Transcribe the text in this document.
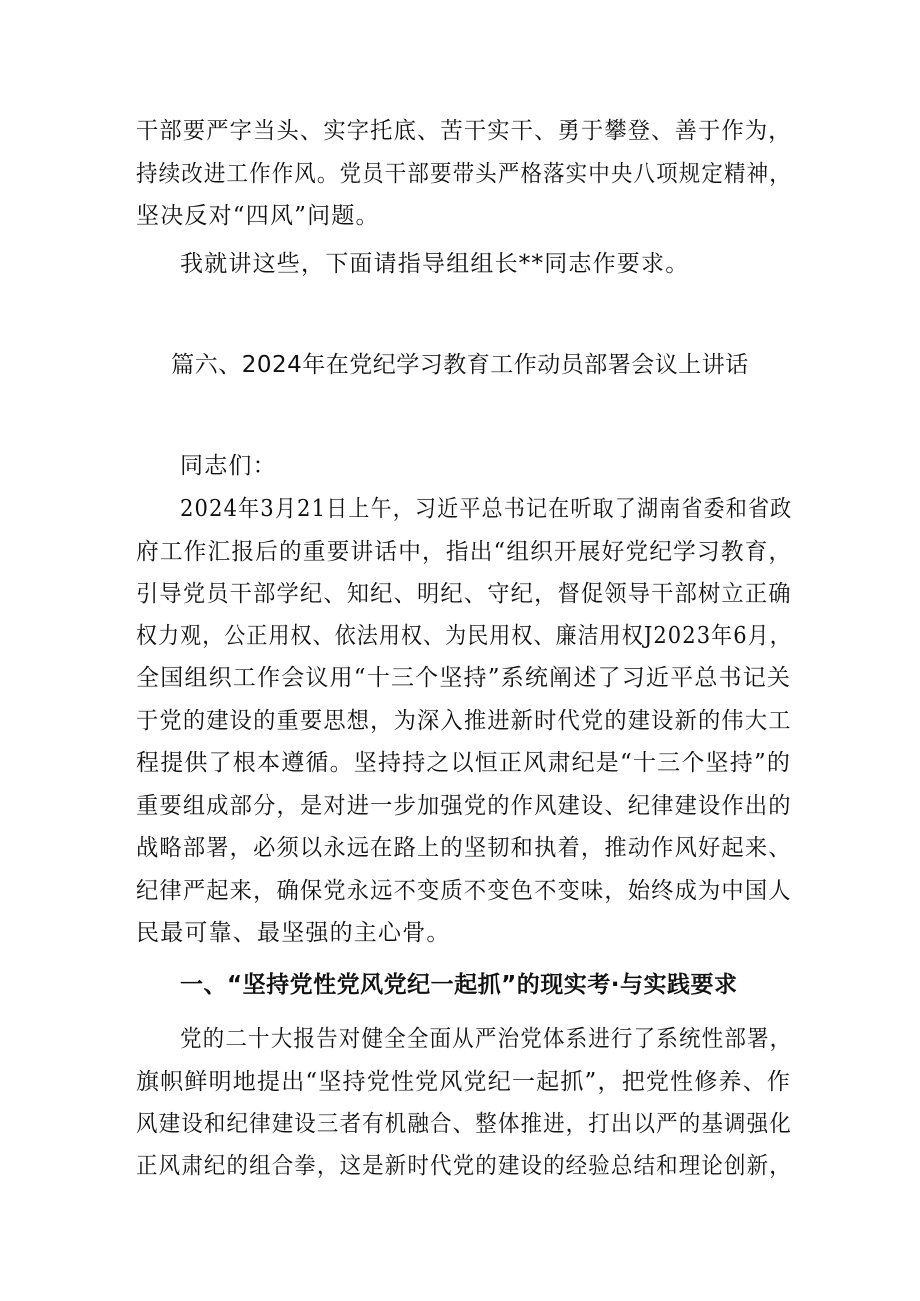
干部要严字当头、实字托底、苦干实干、勇于攀登、善于作为，
持续改进工作作风。党员干部要带头严格落实中央八项规定精神，
坚决反对“四风”问题。
我就讲这些，下面请指导组组长**同志作要求。
篇六、2024年在党纪学习教育工作动员部署会议上讲话
同志们：
2024年3月21日上午，习近平总书记在听取了湖南省委和省政
府工作汇报后的重要讲话中，指出“组织开展好党纪学习教育，
引导党员干部学纪、知纪、明纪、守纪，督促领导干部树立正确
权力观，公正用权、依法用权、为民用权、廉洁用权J2023年6月，
全国组织工作会议用“十三个坚持”系统阐述了习近平总书记关
于党的建设的重要思想，为深入推进新时代党的建设新的伟大工
程提供了根本遵循。坚持持之以恒正风肃纪是“十三个坚持”的
重要组成部分，是对进一步加强党的作风建设、纪律建设作出的
战略部署，必须以永远在路上的坚韧和执着，推动作风好起来、
纪律严起来，确保党永远不变质不变色不变味，始终成为中国人
民最可靠、最坚强的主心骨。
一、“坚持党性党风党纪一起抓”的现实考·与实践要求
党的二十大报告对健全全面从严治党体系进行了系统性部署，
旗帜鲜明地提出“坚持党性党风党纪一起抓”，把党性修养、作
风建设和纪律建设三者有机融合、整体推进，打出以严的基调强化
正风肃纪的组合拳，这是新时代党的建设的经验总结和理论创新，
